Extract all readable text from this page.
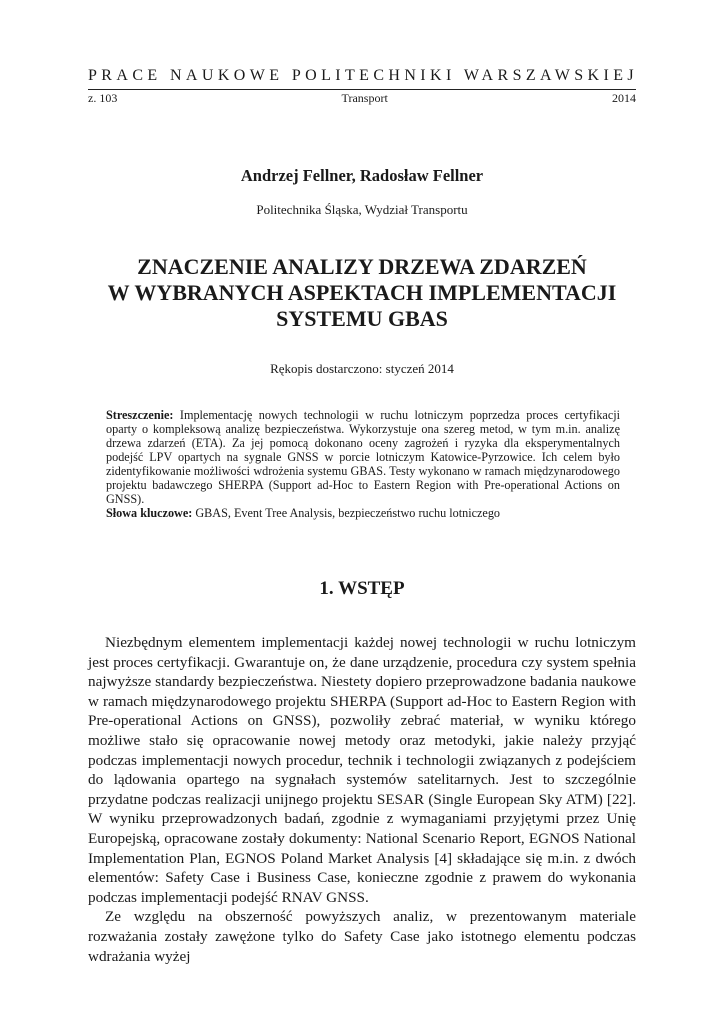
PRACE NAUKOWE POLITECHNIKI WARSZAWSKIEJ
z. 103	Transport	2014
Andrzej Fellner, Radosław Fellner
Politechnika Śląska, Wydział Transportu
ZNACZENIE ANALIZY DRZEWA ZDARZEŃ
W WYBRANYCH ASPEKTACH IMPLEMENTACJI
SYSTEMU GBAS
Rękopis dostarczono: styczeń 2014

Streszczenie: Implementację nowych technologii w ruchu lotniczym poprzedza proces certyfikacji oparty o kompleksową analizę bezpieczeństwa. Wykorzystuje ona szereg metod, w tym m.in. analizę drzewa zdarzeń (ETA). Za jej pomocą dokonano oceny zagrożeń i ryzyka dla eksperymentalnych podejść LPV opartych na sygnale GNSS w porcie lotniczym Katowice-Pyrzowice. Ich celem było zidentyfikowanie możliwości wdrożenia systemu GBAS. Testy wykonano w ramach międzynarodowego projektu badawczego SHERPA (Support ad-Hoc to Eastern Region with Pre-operational Actions on GNSS).

Słowa kluczowe: GBAS, Event Tree Analysis, bezpieczeństwo ruchu lotniczego

1. WSTĘP

Niezbędnym elementem implementacji każdej nowej technologii w ruchu lotniczym jest proces certyfikacji. Gwarantuje on, że dane urządzenie, procedura czy system spełnia najwyższe standardy bezpieczeństwa. Niestety dopiero przeprowadzone badania naukowe w ramach międzynarodowego projektu SHERPA (Support ad-Hoc to Eastern Region with Pre-operational Actions on GNSS), pozwoliły zebrać materiał, w wyniku którego możliwe stało się opracowanie nowej metody oraz metodyki, jakie należy przyjąć podczas implementacji nowych procedur, technik i technologii związanych z podejściem do lądowania opartego na sygnałach systemów satelitarnych. Jest to szczególnie przydatne podczas realizacji unijnego projektu SESAR (Single European Sky ATM) [22]. W wyniku przeprowadzonych badań, zgodnie z wymaganiami przyjętymi przez Unię Europejską, opracowane zostały dokumenty: National Scenario Report, EGNOS National Implementation Plan, EGNOS Poland Market Analysis [4] składające się m.in. z dwóch elementów: Safety Case i Business Case, konieczne zgodnie z prawem do wykonania podczas implementacji podejść RNAV GNSS.

Ze względu na obszerność powyższych analiz, w prezentowanym materiale rozważania zostały zawężone tylko do Safety Case jako istotnego elementu podczas wdrażania wyżej
